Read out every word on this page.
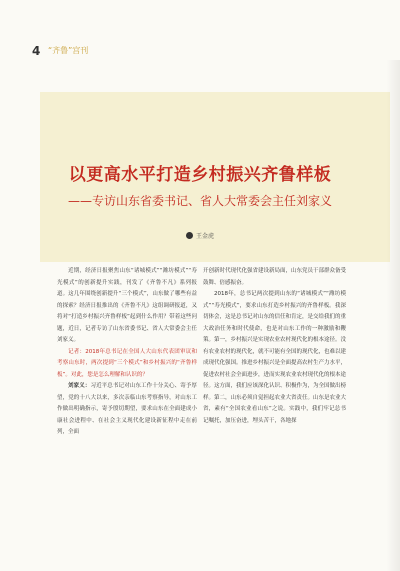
4 “齐鲁”宫刊
以更高水平打造乡村振兴齐鲁样板
——专访山东省委书记、省人大常委会主任刘家义
王金虎

近期，经济日报聚焦山东“诸城模式”“潍坊模式”“寿光模式”的创新提升实践，刊发了《齐鲁不凡》系列报道。这几年围绕创新提升“三个模式”，山东做了哪些有益的探索？经济日报推出的《齐鲁不凡》这组调研报道，又将对“打造乡村振兴齐鲁样板”起到什么作用？带着这些问题，近日，记者专访了山东省委书记、省人大常委会主任刘家义。

记者：2018年总书记在全国人大山东代表团审议和考察山东时，两次提到“三个模式”和乡村振兴的“齐鲁样板”。对此，您是怎么理解和认识的？

刘家义：习近平总书记对山东工作十分关心、寄予厚望，党的十八大以来，多次亲临山东考察指导，对山东工作做出明确指示，寄予殷切期望，要求山东在全面建成小康社会进程中、在社会主义现代化建设新征程中走在前列，全面

开创新时代现代化强省建设新局面，山东党员干部群众备受鼓舞、倍感振奋。

2018年，总书记两次提到山东的“诸城模式”“潍坊模式”“寿光模式”，要求山东打造乡村振兴的齐鲁样板。我深切体会，这是总书记对山东的信任和肯定，是交给我们的重大政治任务和时代使命，也是对山东工作的一种激励和鞭策。第一，乡村振兴是实现农业农村现代化的根本途径。没有农业农村的现代化，就不可能有全国的现代化，也难以建成现代化强国。推进乡村振兴是全面提高农村生产力水平，促进农村社会全面进步，进而实现农业农村现代化的根本途径。这方面，我们应该深化认识、积极作为，为全国做出榜样。第二，山东必须自觉担起农业大省责任。山东是农业大省，素有“全国农业看山东”之说。实践中，我们牢记总书记嘱托，加压奋进，埋头苦干，各地探
